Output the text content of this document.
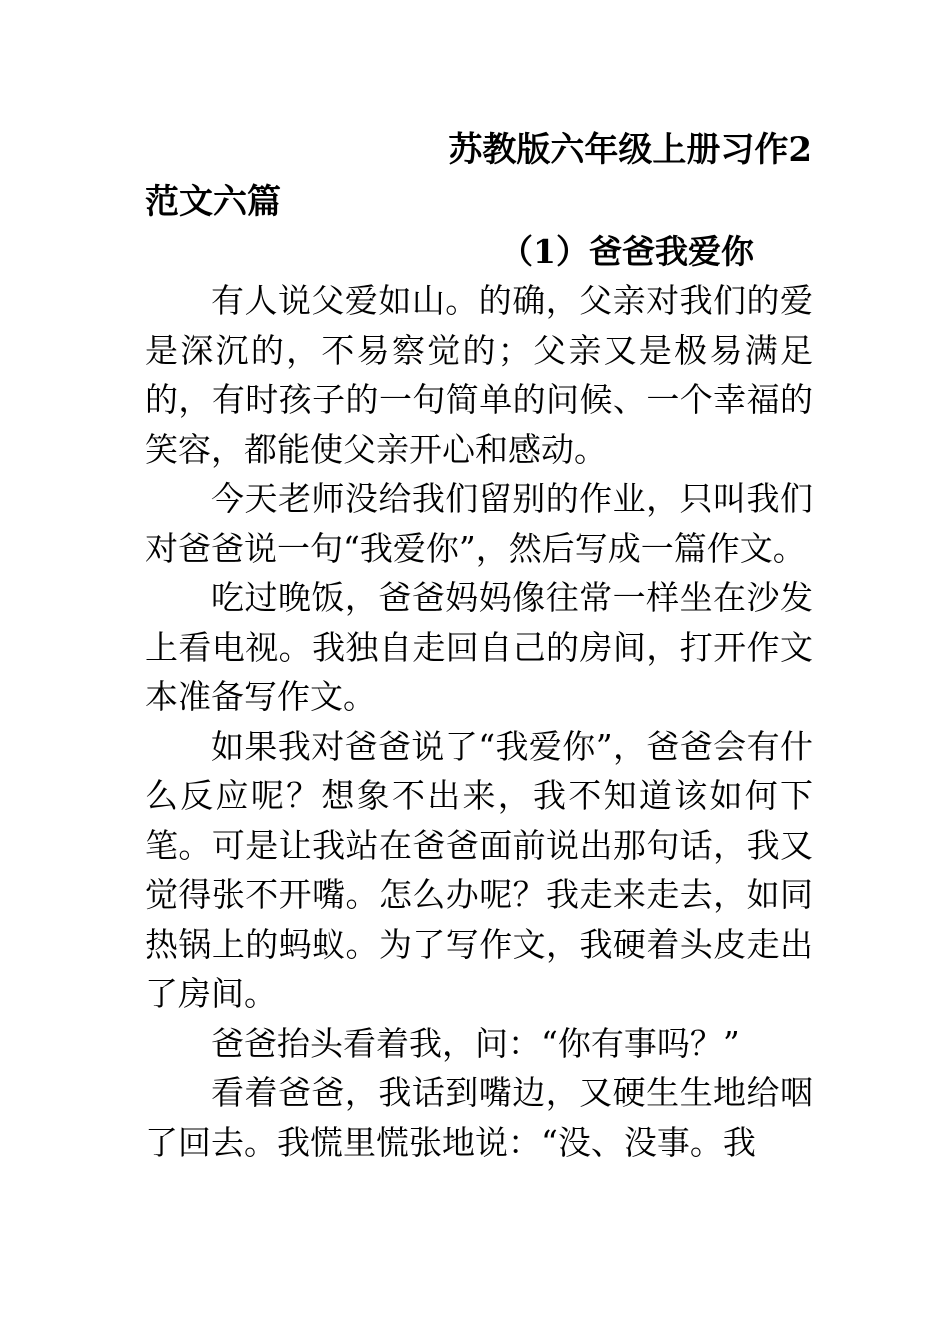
苏教版六年级上册习作2
范文六篇
（1）爸爸我爱你

有人说父爱如山。的确，父亲对我们的爱是深沉的，不易察觉的；父亲又是极易满足的，有时孩子的一句简单的问候、一个幸福的笑容，都能使父亲开心和感动。

今天老师没给我们留别的作业，只叫我们对爸爸说一句“我爱你”，然后写成一篇作文。

吃过晚饭，爸爸妈妈像往常一样坐在沙发上看电视。我独自走回自己的房间，打开作文本准备写作文。

如果我对爸爸说了“我爱你”，爸爸会有什么反应呢？想象不出来，我不知道该如何下笔。可是让我站在爸爸面前说出那句话，我又觉得张不开嘴。怎么办呢？我走来走去，如同热锅上的蚂蚁。为了写作文，我硬着头皮走出了房间。

爸爸抬头看着我，问：“你有事吗？”

看着爸爸，我话到嘴边，又硬生生地给咽了回去。我慌里慌张地说：“没、没事。我
